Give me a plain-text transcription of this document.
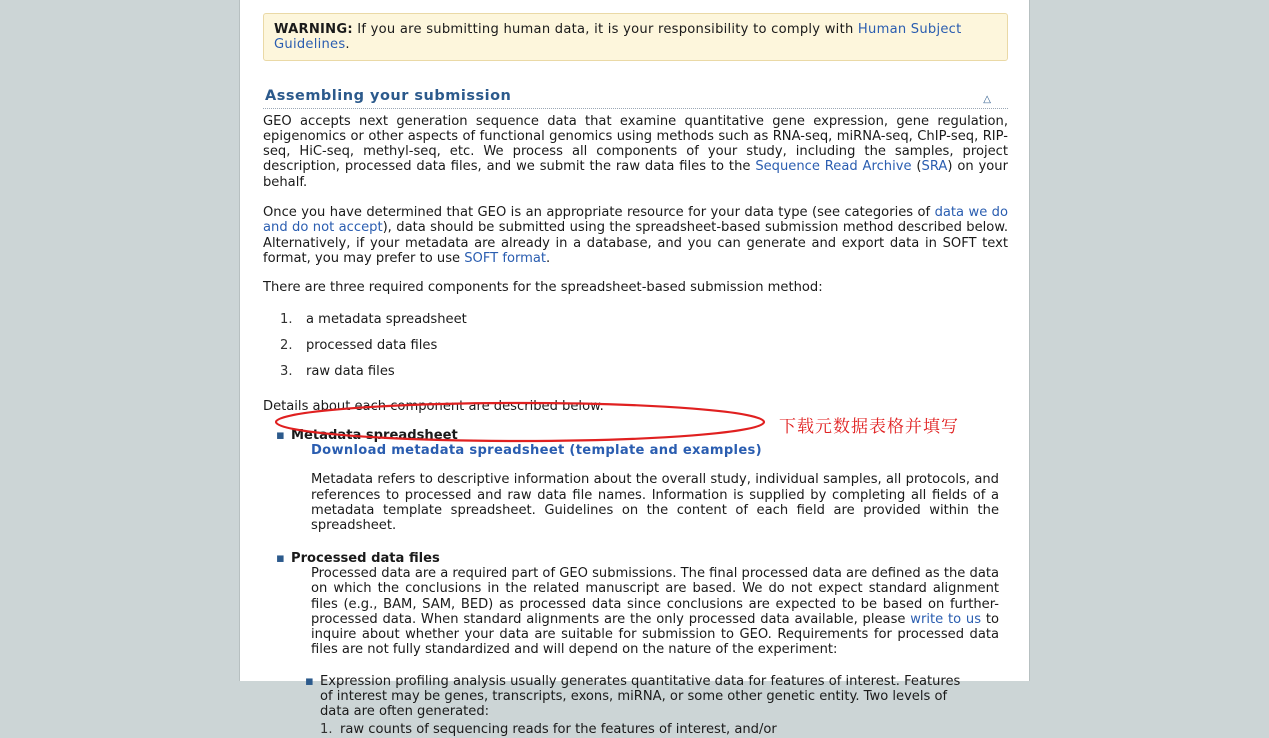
WARNING: If you are submitting human data, it is your responsibility to comply with Human Subject Guidelines.
Assembling your submission	△

GEO accepts next generation sequence data that examine quantitative gene expression, gene regulation, epigenomics or other aspects of functional genomics using methods such as RNA-seq, miRNA-seq, ChIP-seq, RIP-seq, HiC-seq, methyl-seq, etc. We process all components of your study, including the samples, project description, processed data files, and we submit the raw data files to the Sequence Read Archive (SRA) on your behalf.

Once you have determined that GEO is an appropriate resource for your data type (see categories of data we do and do not accept), data should be submitted using the spreadsheet-based submission method described below. Alternatively, if your metadata are already in a database, and you can generate and export data in SOFT text format, you may prefer to use SOFT format.

There are three required components for the spreadsheet-based submission method:

1. a metadata spreadsheet
2. processed data files
3. raw data files

Details about each component are described below.

▪ Metadata spreadsheet
Download metadata spreadsheet (template and examples)

Metadata refers to descriptive information about the overall study, individual samples, all protocols, and references to processed and raw data file names. Information is supplied by completing all fields of a metadata template spreadsheet. Guidelines on the content of each field are provided within the spreadsheet.

▪ Processed data files

Processed data are a required part of GEO submissions. The final processed data are defined as the data on which the conclusions in the related manuscript are based. We do not expect standard alignment files (e.g., BAM, SAM, BED) as processed data since conclusions are expected to be based on further-processed data. When standard alignments are the only processed data available, please write to us to inquire about whether your data are suitable for submission to GEO. Requirements for processed data files are not fully standardized and will depend on the nature of the experiment:

▪ Expression profiling analysis usually generates quantitative data for features of interest. Features of interest may be genes, transcripts, exons, miRNA, or some other genetic entity. Two levels of data are often generated:
1. raw counts of sequencing reads for the features of interest, and/or
下载元数据表格并填写
